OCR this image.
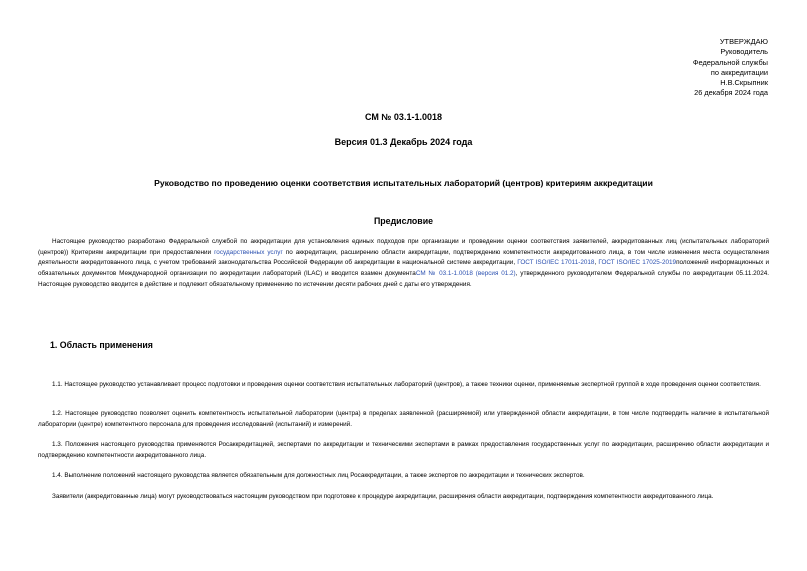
УТВЕРЖДАЮ
Руководитель
Федеральной службы
по аккредитации
Н.В.Скрыпник
26 декабря 2024 года
СМ № 03.1-1.0018
Версия 01.3 Декабрь 2024 года
Руководство по проведению оценки соответствия испытательных лабораторий (центров) критериям аккредитации
Предисловие

Настоящее руководство разработано Федеральной службой по аккредитации для установления единых подходов при организации и проведении оценки соответствия заявителей, аккредитованных лиц (испытательных лабораторий (центров)) Критериям аккредитации при предоставлении государственных услуг по аккредитации, расширению области аккредитации, подтверждению компетентности аккредитованного лица, в том числе изменения места осуществления деятельности аккредитованного лица, с учетом требований законодательства Российской Федерации об аккредитации в национальной системе аккредитации, ГОСТ ISO/IEC 17011-2018, ГОСТ ISO/IEC 17025-2019положений информационных и обязательных документов Международной организации по аккредитации лабораторий (ILAC) и вводится взамен документаСМ № 03.1-1.0018 (версия 01.2), утвержденного руководителем Федеральной службы по аккредитации 05.11.2024. Настоящее руководство вводится в действие и подлежит обязательному применению по истечении десяти рабочих дней с даты его утверждения.

1. Область применения

1.1. Настоящее руководство устанавливает процесс подготовки и проведения оценки соответствия испытательных лабораторий (центров), а также техники оценки, применяемые экспертной группой в ходе проведения оценки соответствия.

1.2. Настоящее руководство позволяет оценить компетентность испытательной лаборатории (центра) в пределах заявленной (расширяемой) или утвержденной области аккредитации, в том числе подтвердить наличие в испытательной лаборатории (центре) компетентного персонала для проведения исследований (испытаний) и измерений.

1.3. Положения настоящего руководства применяются Росаккредитацией, экспертами по аккредитации и техническими экспертами в рамках предоставления государственных услуг по аккредитации, расширению области аккредитации и подтверждению компетентности аккредитованного лица.

1.4. Выполнение положений настоящего руководства является обязательным для должностных лиц Росаккредитации, а также экспертов по аккредитации и технических экспертов.

Заявители (аккредитованные лица) могут руководствоваться настоящим руководством при подготовке к процедуре аккредитации, расширения области аккредитации, подтверждения компетентности аккредитованного лица.
